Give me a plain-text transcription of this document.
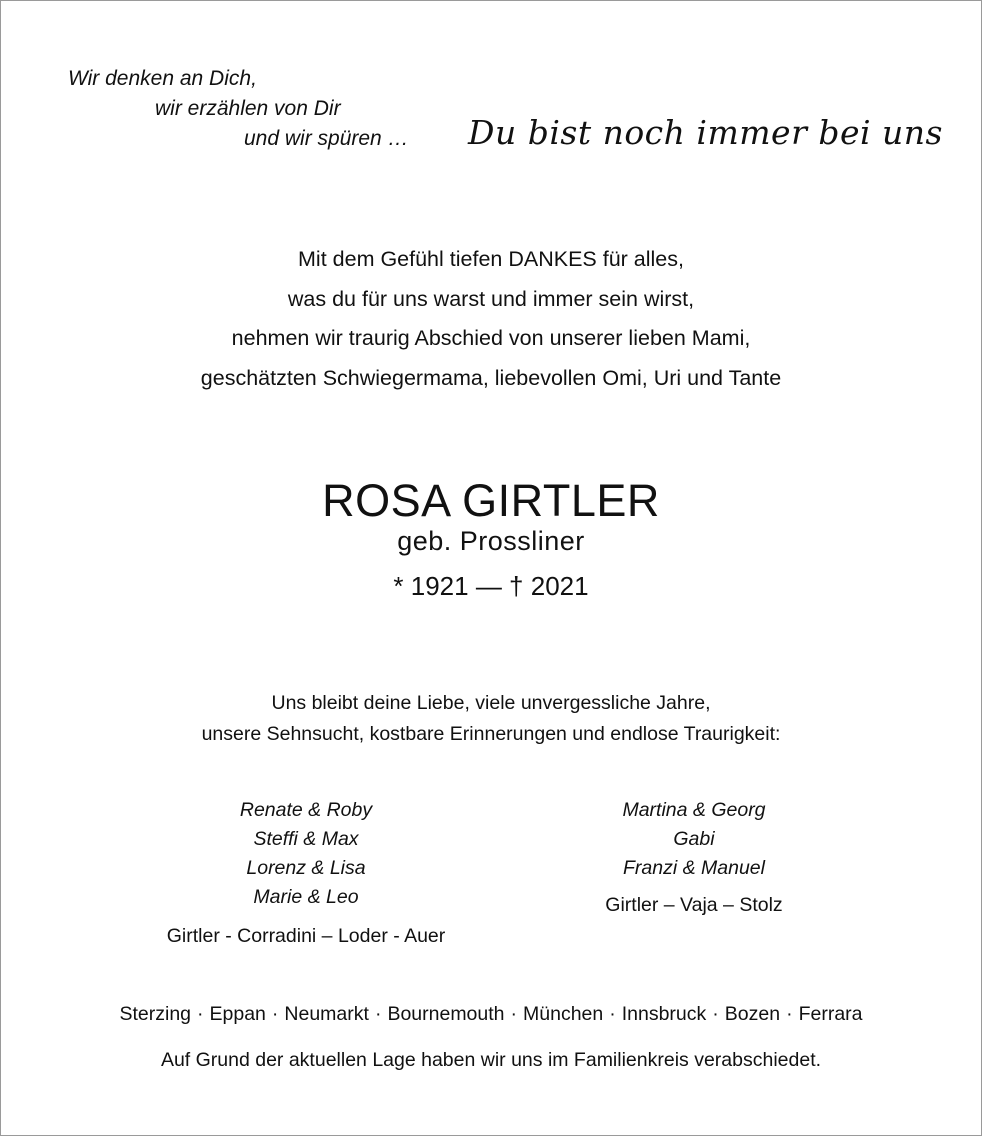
Wir denken an Dich,
wir erzählen von Dir
und wir spüren … Du bist noch immer bei uns
Mit dem Gefühl tiefen DANKES für alles,
was du für uns warst und immer sein wirst,
nehmen wir traurig Abschied von unserer lieben Mami,
geschätzten Schwiegermama, liebevollen Omi, Uri und Tante
ROSA GIRTLER
geb. Prossliner
* 1921 — † 2021
Uns bleibt deine Liebe, viele unvergessliche Jahre,
unsere Sehnsucht, kostbare Erinnerungen und endlose Traurigkeit:
Renate & Roby
Steffi & Max
Lorenz & Lisa
Marie & Leo
Girtler - Corradini – Loder - Auer
Martina & Georg
Gabi
Franzi & Manuel
Girtler – Vaja – Stolz
Sterzing · Eppan · Neumarkt · Bournemouth · München · Innsbruck · Bozen · Ferrara
Auf Grund der aktuellen Lage haben wir uns im Familienkreis verabschiedet.
